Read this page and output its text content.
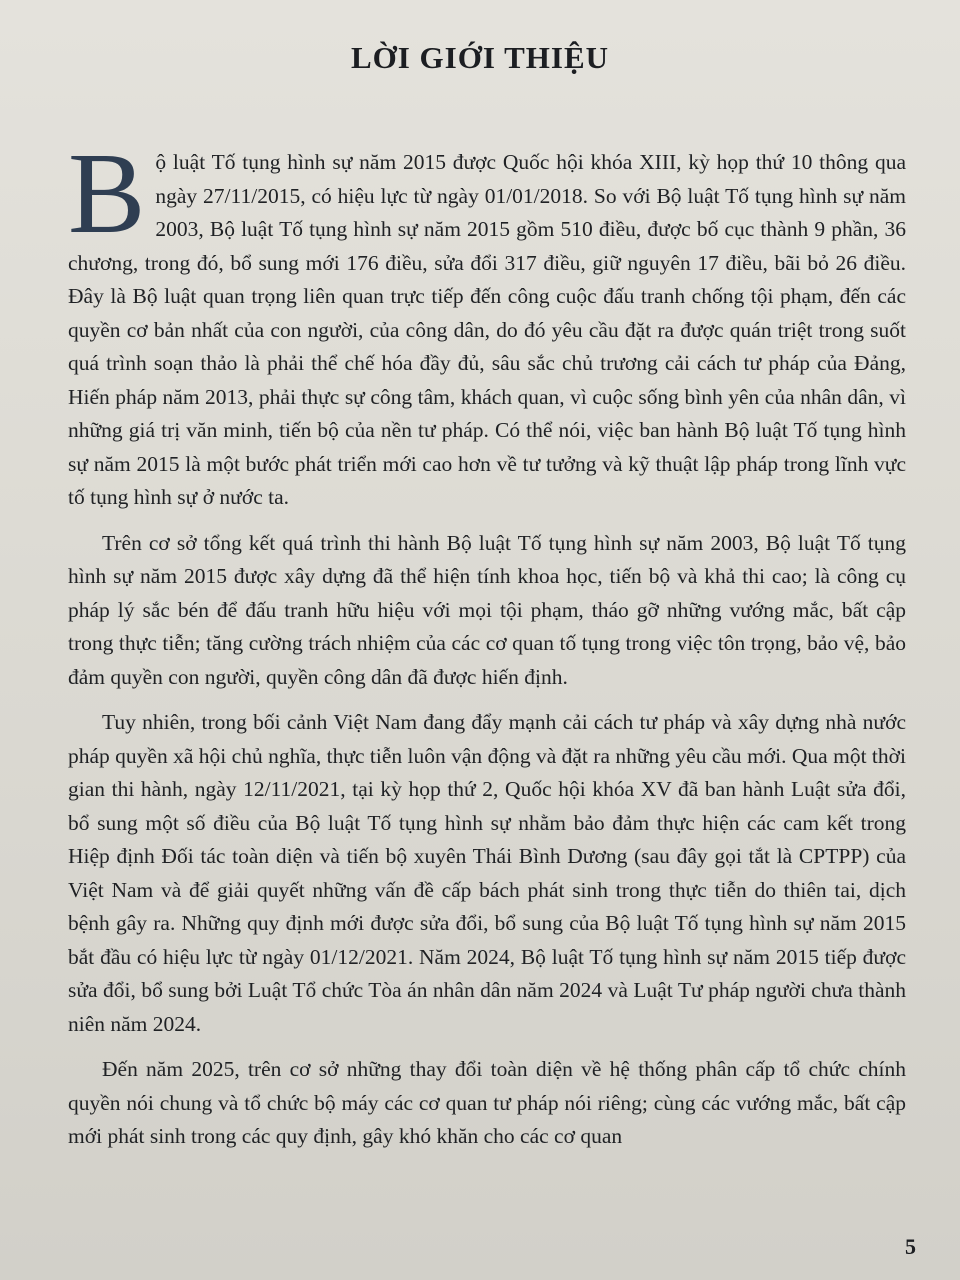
LỜI GIỚI THIỆU

Bộ luật Tố tụng hình sự năm 2015 được Quốc hội khóa XIII, kỳ họp thứ 10 thông qua ngày 27/11/2015, có hiệu lực từ ngày 01/01/2018. So với Bộ luật Tố tụng hình sự năm 2003, Bộ luật Tố tụng hình sự năm 2015 gồm 510 điều, được bố cục thành 9 phần, 36 chương, trong đó, bổ sung mới 176 điều, sửa đổi 317 điều, giữ nguyên 17 điều, bãi bỏ 26 điều. Đây là Bộ luật quan trọng liên quan trực tiếp đến công cuộc đấu tranh chống tội phạm, đến các quyền cơ bản nhất của con người, của công dân, do đó yêu cầu đặt ra được quán triệt trong suốt quá trình soạn thảo là phải thể chế hóa đầy đủ, sâu sắc chủ trương cải cách tư pháp của Đảng, Hiến pháp năm 2013, phải thực sự công tâm, khách quan, vì cuộc sống bình yên của nhân dân, vì những giá trị văn minh, tiến bộ của nền tư pháp. Có thể nói, việc ban hành Bộ luật Tố tụng hình sự năm 2015 là một bước phát triển mới cao hơn về tư tưởng và kỹ thuật lập pháp trong lĩnh vực tố tụng hình sự ở nước ta.

Trên cơ sở tổng kết quá trình thi hành Bộ luật Tố tụng hình sự năm 2003, Bộ luật Tố tụng hình sự năm 2015 được xây dựng đã thể hiện tính khoa học, tiến bộ và khả thi cao; là công cụ pháp lý sắc bén để đấu tranh hữu hiệu với mọi tội phạm, tháo gỡ những vướng mắc, bất cập trong thực tiễn; tăng cường trách nhiệm của các cơ quan tố tụng trong việc tôn trọng, bảo vệ, bảo đảm quyền con người, quyền công dân đã được hiến định.

Tuy nhiên, trong bối cảnh Việt Nam đang đẩy mạnh cải cách tư pháp và xây dựng nhà nước pháp quyền xã hội chủ nghĩa, thực tiễn luôn vận động và đặt ra những yêu cầu mới. Qua một thời gian thi hành, ngày 12/11/2021, tại kỳ họp thứ 2, Quốc hội khóa XV đã ban hành Luật sửa đổi, bổ sung một số điều của Bộ luật Tố tụng hình sự nhằm bảo đảm thực hiện các cam kết trong Hiệp định Đối tác toàn diện và tiến bộ xuyên Thái Bình Dương (sau đây gọi tắt là CPTPP) của Việt Nam và để giải quyết những vấn đề cấp bách phát sinh trong thực tiễn do thiên tai, dịch bệnh gây ra. Những quy định mới được sửa đổi, bổ sung của Bộ luật Tố tụng hình sự năm 2015 bắt đầu có hiệu lực từ ngày 01/12/2021. Năm 2024, Bộ luật Tố tụng hình sự năm 2015 tiếp được sửa đổi, bổ sung bởi Luật Tổ chức Tòa án nhân dân năm 2024 và Luật Tư pháp người chưa thành niên năm 2024.

Đến năm 2025, trên cơ sở những thay đổi toàn diện về hệ thống phân cấp tổ chức chính quyền nói chung và tổ chức bộ máy các cơ quan tư pháp nói riêng; cùng các vướng mắc, bất cập mới phát sinh trong các quy định, gây khó khăn cho các cơ quan

5
